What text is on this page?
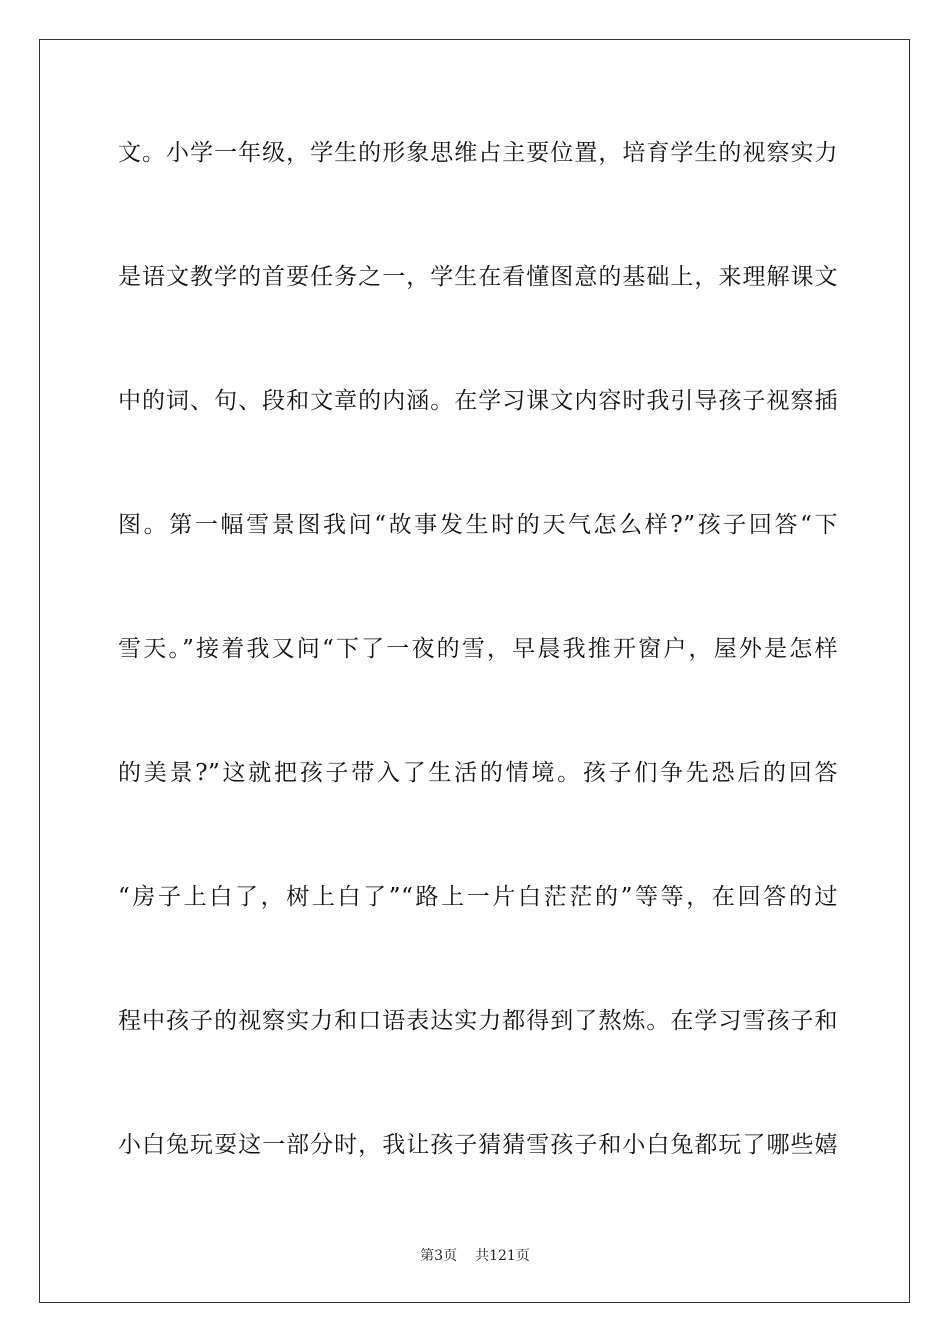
文。小学一年级，学生的形象思维占主要位置，培育学生的视察实力
是语文教学的首要任务之一，学生在看懂图意的基础上，来理解课文
中的词、句、段和文章的内涵。在学习课文内容时我引导孩子视察插
图。第一幅雪景图我问“故事发生时的天气怎么样?”孩子回答“下
雪天。”接着我又问“下了一夜的雪，早晨我推开窗户，屋外是怎样
的美景?”这就把孩子带入了生活的情境。孩子们争先恐后的回答
“房子上白了，树上白了”“路上一片白茫茫的”等等，在回答的过
程中孩子的视察实力和口语表达实力都得到了熬炼。在学习雪孩子和
小白兔玩耍这一部分时，我让孩子猜猜雪孩子和小白兔都玩了哪些嬉
第3页 共121页
